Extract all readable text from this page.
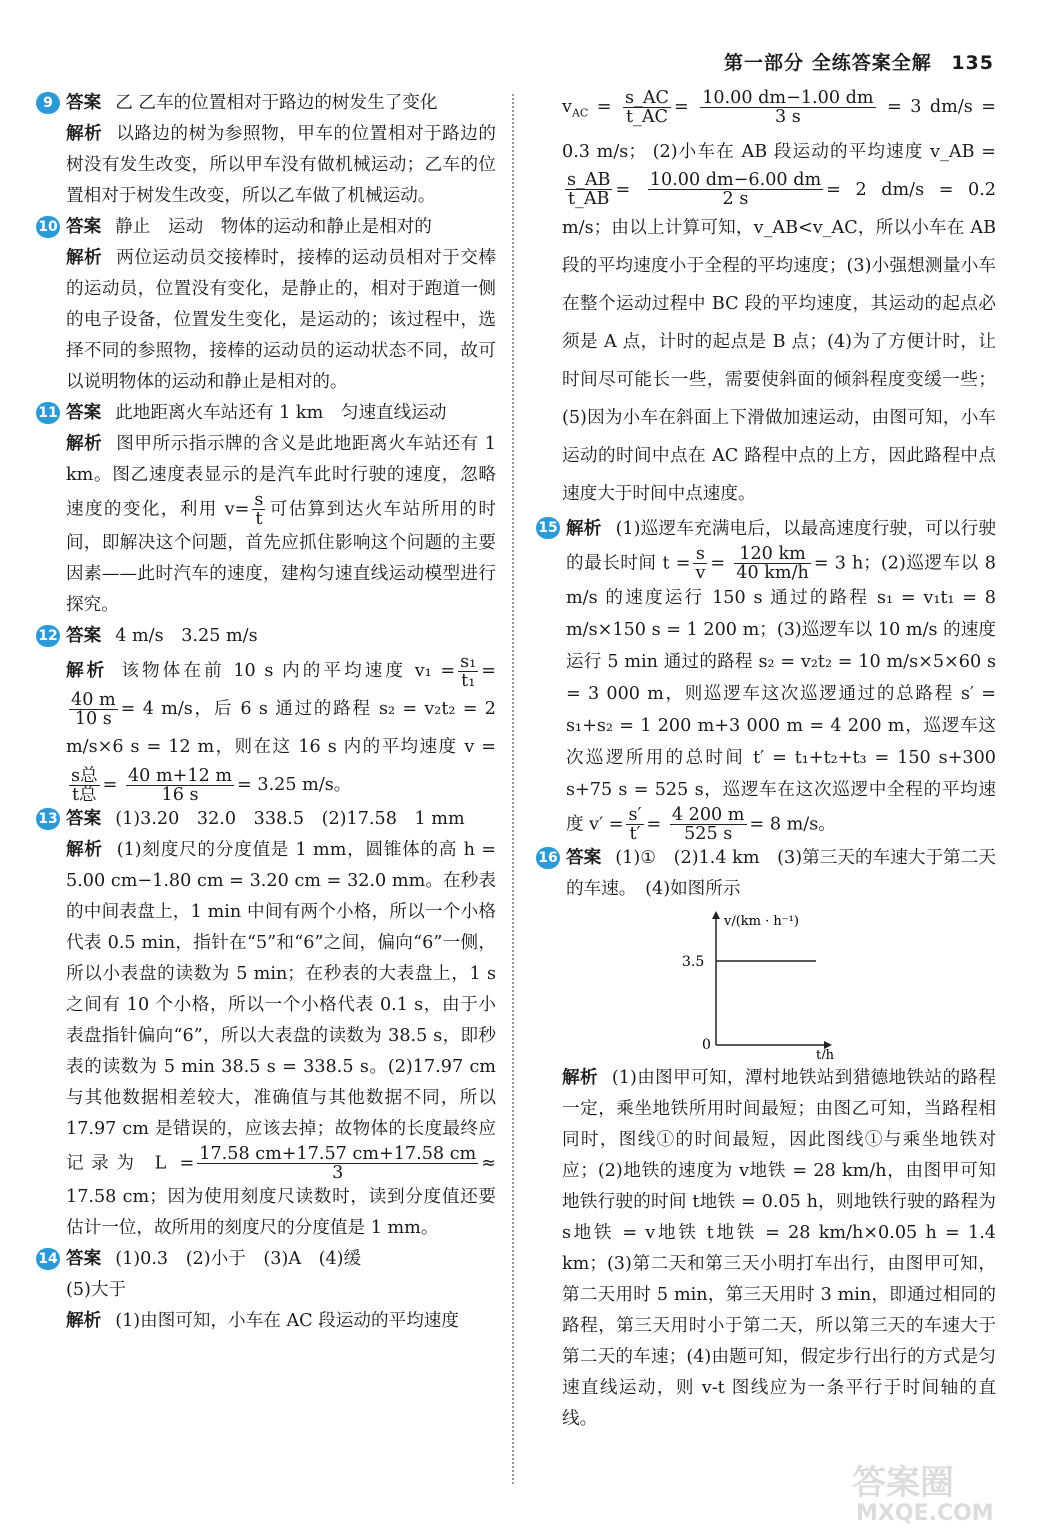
第一部分 全练答案全解 135

9 答案 乙 乙车的位置相对于路边的树发生了变化

解析 以路边的树为参照物，甲车的位置相对于路边的树没有发生改变，所以甲车没有做机械运动；乙车的位置相对于树发生改变，所以乙车做了机械运动。

10 答案 静止　运动　物体的运动和静止是相对的

解析 两位运动员交接棒时，接棒的运动员相对于交棒的运动员，位置没有变化，是静止的，相对于跑道一侧的电子设备，位置发生变化，是运动的；该过程中，选择不同的参照物，接棒的运动员的运动状态不同，故可以说明物体的运动和静止是相对的。

11 答案 此地距离火车站还有 1 km　匀速直线运动

解析 图甲所示指示牌的含义是此地距离火车站还有 1 km。图乙速度表显示的是汽车此时行驶的速度，忽略速度的变化，利用 $v= \frac{s}{t}$ 可估算到达火车站所用的时间，即解决这个问题，首先应抓住影响这个问题的主要因素——此时汽车的速度，建构匀速直线运动模型进行探究。

12 答案 4 m/s　3.25 m/s

解析 该物体在前 10 s 内的平均速度 $v_1 = \frac{\text{s₁}}{\text{t₁}}$ =
$\frac{40 m}{10 s} = 4$ m/s，后 6 s 通过的路程 s₂ = v₂t₂ = 2 m/s×6 s = 12 m，则在这 16 s 内的平均速度 v =
$\frac{\text{s总}}{\text{t总}} = \frac{40 m+12 m}{16 s} = 3.25$ m/s。

13 答案 (1)3.20　32.0　338.5　(2)17.58　1 mm

解析 (1)刻度尺的分度值是 1 mm，圆锥体的高 h = 5.00 cm−1.80 cm = 3.20 cm = 32.0 mm。在秒表的中间表盘上，1 min 中间有两个小格，所以一个小格代表 0.5 min，指针在“5”和“6”之间，偏向“6”一侧，所以小表盘的读数为 5 min；在秒表的大表盘上，1 s 之间有 10 个小格，所以一个小格代表 0.1 s，由于小表盘指针偏向“6”，所以大表盘的读数为 38.5 s，即秒表的读数为 5 min 38.5 s = 338.5 s。(2)17.97 cm 与其他数据相差较大，准确值与其他数据不同，所以 17.97 cm 是错误的，应该去掉；故物体的长度最终应记录为 $L = \frac{17.58 cm+17.57 cm+17.58 cm}{3} \approx 17.58$ cm；因为使用刻度尺读数时，读到分度值还要估计一位，故所用的刻度尺的分度值是 1 mm。

14 答案 (1)0.3　(2)小于　(3)A　(4)缓
(5)大于

解析 (1)由图可知，小车在 AC 段运动的平均速度

$v_{AC} = \frac{s\_AC}{t\_AC} = \frac{10.00 dm-1.00 dm}{3 s} = 3$ dm/s = 0.3 m/s； (2)小车在 AB 段运动的平均速度 v_AB =
$\frac{s\_AB}{t\_AB} = \frac{10.00 dm-6.00 dm}{2 s} = 2$ dm/s = 0.2 m/s；由以上计算可知，v_AB<v_AC，所以小车在 AB 段的平均速度小于全程的平均速度；(3)小强想测量小车在整个运动过程中 BC 段的平均速度，其运动的起点必须是 A 点，计时的起点是 B 点；(4)为了方便计时，让时间尽可能长一些，需要使斜面的倾斜程度变缓一些；(5)因为小车在斜面上下滑做加速运动，由图可知，小车运动的时间中点在 AC 路程中点的上方，因此路程中点速度大于时间中点速度。

15 解析 (1)巡逻车充满电后，以最高速度行驶，可以行驶的最长时间 $t = \frac{s}{v} = \frac{120 km}{40 km/h} = 3$ h；(2)巡逻车以 8 m/s 的速度运行 150 s 通过的路程 s₁ = v₁t₁ = 8 m/s×150 s = 1 200 m；(3)巡逻车以 10 m/s 的速度运行 5 min 通过的路程 s₂ = v₂t₂ = 10 m/s×5×60 s = 3 000 m，则巡逻车这次巡逻通过的总路程 s′ = s₁+s₂ = 1 200 m+3 000 m = 4 200 m，巡逻车这次巡逻所用的总时间 t′ = t₁+t₂+t₃ = 150 s+300 s+75 s = 525 s，巡逻车在这次巡逻中全程的平均速度 $v' = \frac{s'}{t'} = \frac{4 200 m}{525 s} = 8$ m/s。

16 答案 (1)①　(2)1.4 km　(3)第三天的车速大于第二天的车速。　(4)如图所示

v/(km · h⁻¹)
t/h
0
3.5

解析 (1)由图甲可知，潭村地铁站到猎德地铁站的路程一定，乘坐地铁所用时间最短；由图乙可知，当路程相同时，图线①的时间最短，因此图线①与乘坐地铁对应；(2)地铁的速度为 v地铁 = 28 km/h，由图甲可知地铁行驶的时间 t地铁 = 0.05 h，则地铁行驶的路程为 s地铁 = v地铁 t地铁 = 28 km/h×0.05 h = 1.4 km；(3)第二天和第三天小明打车出行，由图甲可知，第二天用时 5 min，第三天用时 3 min，即通过相同的路程，第三天用时小于第二天，所以第三天的车速大于第二天的车速；(4)由题可知，假定步行出行的方式是匀速直线运动，则 v-t 图线应为一条平行于时间轴的直线。

答案圈
MXQE.COM
